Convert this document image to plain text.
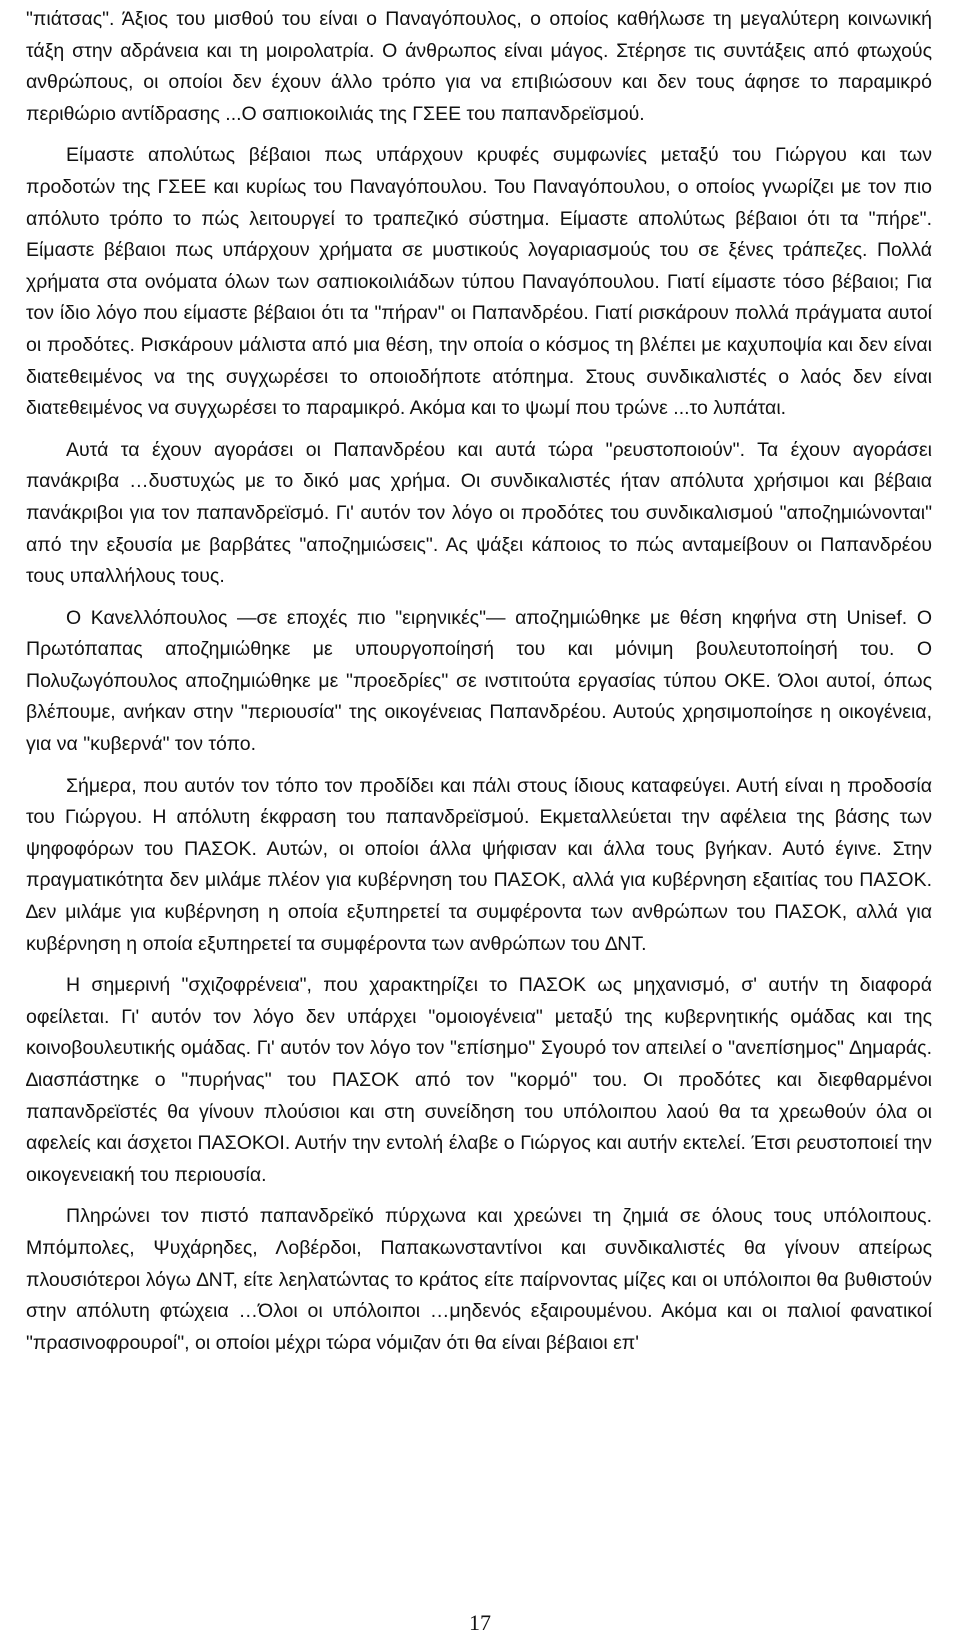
"πιάτσας". Άξιος του μισθού του είναι ο Παναγόπουλος, ο οποίος καθήλωσε τη μεγαλύτερη κοινωνική τάξη στην αδράνεια και τη μοιρολατρία. Ο άνθρωπος είναι μάγος. Στέρησε τις συντάξεις από φτωχούς ανθρώπους, οι οποίοι δεν έχουν άλλο τρόπο για να επιβιώσουν και δεν τους άφησε το παραμικρό περιθώριο αντίδρασης ...Ο σαπιοκοιλιάς της ΓΣΕΕ του παπανδρεϊσμού.

Είμαστε απολύτως βέβαιοι πως υπάρχουν κρυφές συμφωνίες μεταξύ του Γιώργου και των προδοτών της ΓΣΕΕ και κυρίως του Παναγόπουλου. Του Παναγόπουλου, ο οποίος γνωρίζει με τον πιο απόλυτο τρόπο το πώς λειτουργεί το τραπεζικό σύστημα. Είμαστε απολύτως βέβαιοι ότι τα "πήρε". Είμαστε βέβαιοι πως υπάρχουν χρήματα σε μυστικούς λογαριασμούς του σε ξένες τράπεζες. Πολλά χρήματα στα ονόματα όλων των σαπιοκοιλιάδων τύπου Παναγόπουλου. Γιατί είμαστε τόσο βέβαιοι; Για τον ίδιο λόγο που είμαστε βέβαιοι ότι τα "πήραν" οι Παπανδρέου. Γιατί ρισκάρουν πολλά πράγματα αυτοί οι προδότες. Ρισκάρουν μάλιστα από μια θέση, την οποία ο κόσμος τη βλέπει με καχυποψία και δεν είναι διατεθειμένος να της συγχωρέσει το οποιοδήποτε ατόπημα. Στους συνδικαλιστές ο λαός δεν είναι διατεθειμένος να συγχωρέσει το παραμικρό. Ακόμα και το ψωμί που τρώνε ...το λυπάται.

Αυτά τα έχουν αγοράσει οι Παπανδρέου και αυτά τώρα "ρευστοποιούν". Τα έχουν αγοράσει πανάκριβα …δυστυχώς με το δικό μας χρήμα. Οι συνδικαλιστές ήταν απόλυτα χρήσιμοι και βέβαια πανάκριβοι για τον παπανδρεϊσμό. Γι' αυτόν τον λόγο οι προδότες του συνδικαλισμού "αποζημιώνονται" από την εξουσία με βαρβάτες "αποζημιώσεις". Ας ψάξει κάποιος το πώς ανταμείβουν οι Παπανδρέου τους υπαλλήλους τους.

Ο Κανελλόπουλος —σε εποχές πιο "ειρηνικές"— αποζημιώθηκε με θέση κηφήνα στη Unisef. Ο Πρωτόπαπας αποζημιώθηκε με υπουργοποίησή του και μόνιμη βουλευτοποίησή του. Ο Πολυζωγόπουλος αποζημιώθηκε με "προεδρίες" σε ινστιτούτα εργασίας τύπου ΟΚΕ. Όλοι αυτοί, όπως βλέπουμε, ανήκαν στην "περιουσία" της οικογένειας Παπανδρέου. Αυτούς χρησιμοποίησε η οικογένεια, για να "κυβερνά" τον τόπο.

Σήμερα, που αυτόν τον τόπο τον προδίδει και πάλι στους ίδιους καταφεύγει. Αυτή είναι η προδοσία του Γιώργου. Η απόλυτη έκφραση του παπανδρεϊσμού. Εκμεταλλεύεται την αφέλεια της βάσης των ψηφοφόρων του ΠΑΣΟΚ. Αυτών, οι οποίοι άλλα ψήφισαν και άλλα τους βγήκαν. Αυτό έγινε. Στην πραγματικότητα δεν μιλάμε πλέον για κυβέρνηση του ΠΑΣΟΚ, αλλά για κυβέρνηση εξαιτίας του ΠΑΣΟΚ. ∆εν μιλάμε για κυβέρνηση η οποία εξυπηρετεί τα συμφέροντα των ανθρώπων του ΠΑΣΟΚ, αλλά για κυβέρνηση η οποία εξυπηρετεί τα συμφέροντα των ανθρώπων του ∆ΝΤ.

Η σημερινή "σχιζοφρένεια", που χαρακτηρίζει το ΠΑΣΟΚ ως μηχανισμό, σ' αυτήν τη διαφορά οφείλεται. Γι' αυτόν τον λόγο δεν υπάρχει "ομοιογένεια" μεταξύ της κυβερνητικής ομάδας και της κοινοβουλευτικής ομάδας. Γι' αυτόν τον λόγο τον "επίσημο" Σγουρό τον απειλεί ο "ανεπίσημος" ∆ημαράς. ∆ιασπάστηκε ο "πυρήνας" του ΠΑΣΟΚ από τον "κορμό" του. Οι προδότες και διεφθαρμένοι παπανδρεϊστές θα γίνουν πλούσιοι και στη συνείδηση του υπόλοιπου λαού θα τα χρεωθούν όλα οι αφελείς και άσχετοι ΠΑΣΟΚΟΙ. Αυτήν την εντολή έλαβε ο Γιώργος και αυτήν εκτελεί. Έτσι ρευστοποιεί την οικογενειακή του περιουσία.

Πληρώνει τον πιστό παπανδρεϊκό πύρχωνα και χρεώνει τη ζημιά σε όλους τους υπόλοιπους. Μπόμπολες, Ψυχάρηδες, Λοβέρδοι, Παπακωνσταντίνοι και συνδικαλιστές θα γίνουν απείρως πλουσιότεροι λόγω ∆ΝΤ, είτε λεηλατώντας το κράτος είτε παίρνοντας μίζες και οι υπόλοιποι θα βυθιστούν στην απόλυτη φτώχεια …Όλοι οι υπόλοιποι …μηδενός εξαιρουμένου. Ακόμα και οι παλιοί φανατικοί "πρασινοφρουροί", οι οποίοι μέχρι τώρα νόμιζαν ότι θα είναι βέβαιοι επ'

17
